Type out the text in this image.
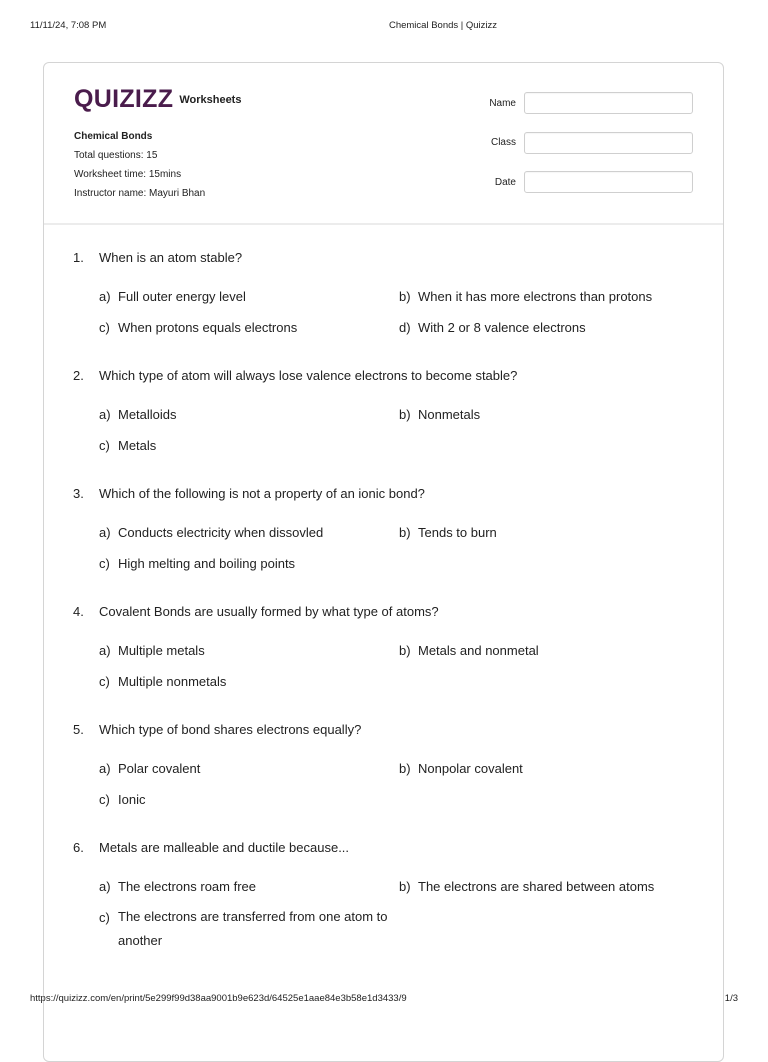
11/11/24, 7:08 PM	Chemical Bonds | Quizizz
QUIZIZZ Worksheets
Chemical Bonds
Total questions: 15
Worksheet time: 15mins
Instructor name: Mayuri Bhan
Name
Class
Date
1.	When is an atom stable?
a) Full outer energy level	b) When it has more electrons than protons
c) When protons equals electrons	d) With 2 or 8 valence electrons
2.	Which type of atom will always lose valence electrons to become stable?
a) Metalloids	b) Nonmetals
c) Metals
3.	Which of the following is not a property of an ionic bond?
a) Conducts electricity when dissovled	b) Tends to burn
c) High melting and boiling points
4.	Covalent Bonds are usually formed by what type of atoms?
a) Multiple metals	b) Metals and nonmetal
c) Multiple nonmetals
5.	Which type of bond shares electrons equally?
a) Polar covalent	b) Nonpolar covalent
c) Ionic
6.	Metals are malleable and ductile because...
a) The electrons roam free	b) The electrons are shared between atoms
c) The electrons are transferred from one atom to another
https://quizizz.com/en/print/5e299f99d38aa9001b9e623d/64525e1aae84e3b58e1d3433/9	1/3
